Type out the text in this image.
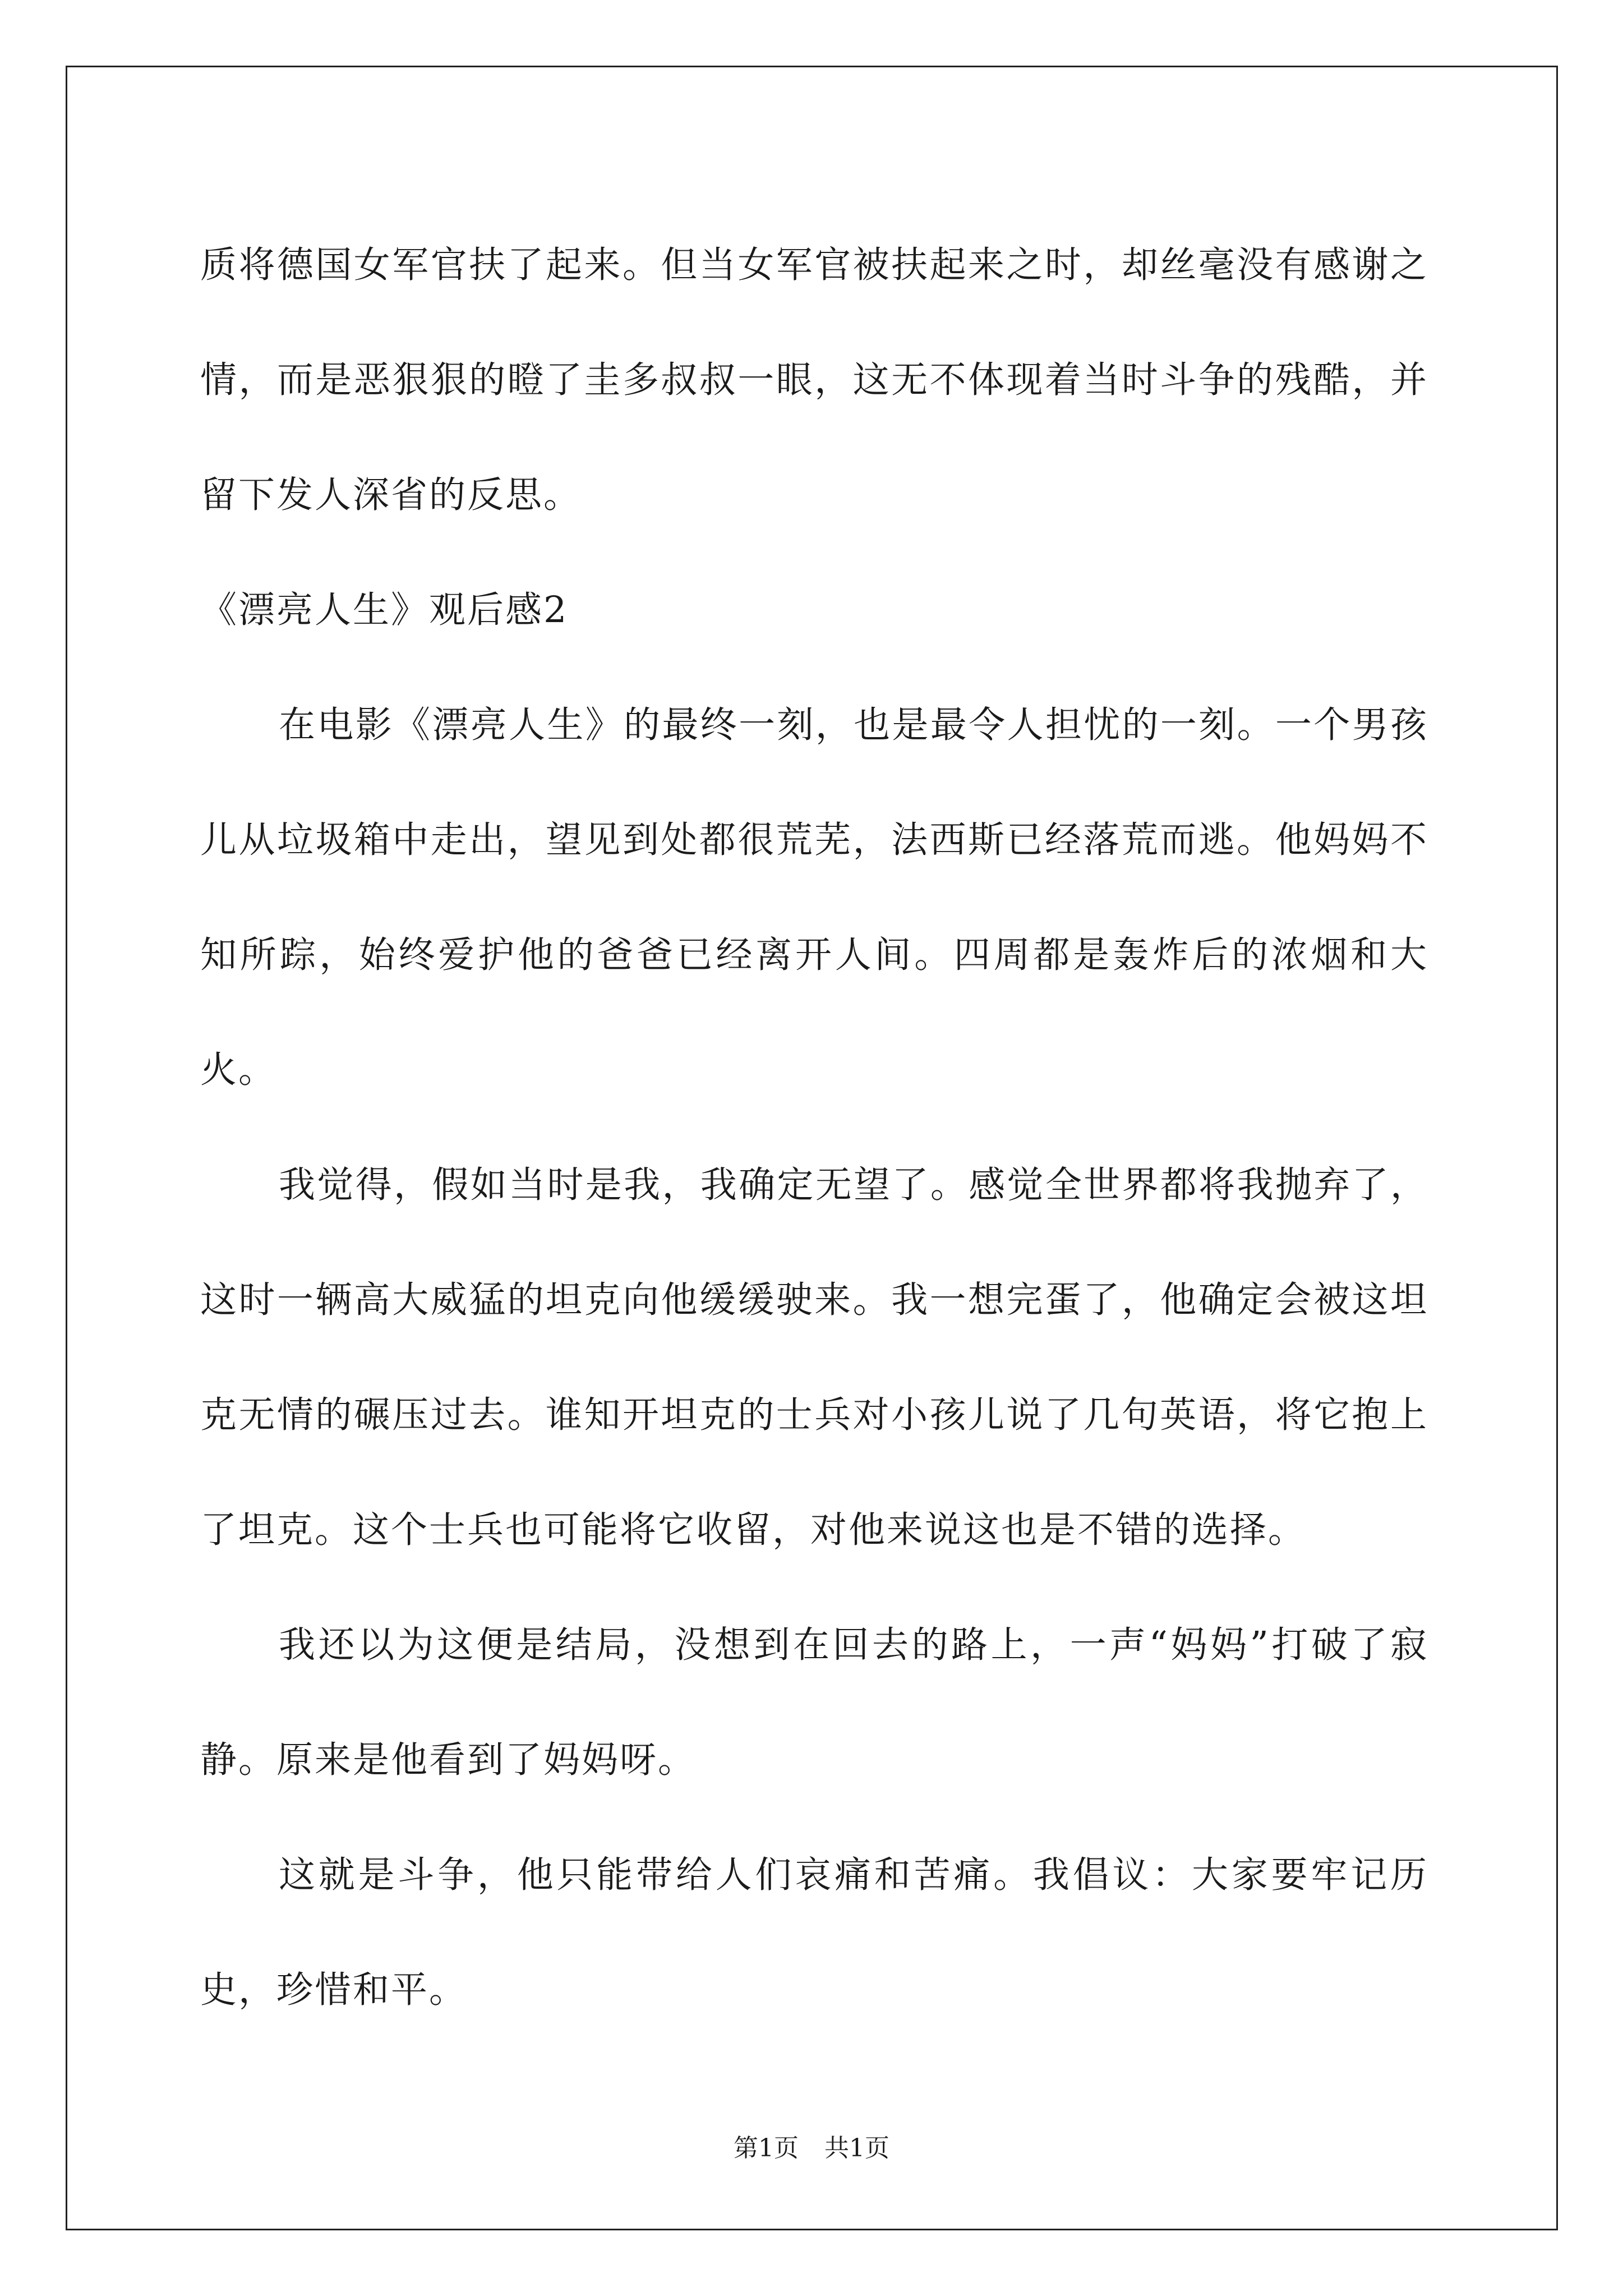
质将德国女军官扶了起来。但当女军官被扶起来之时，却丝毫没有感谢之情，而是恶狠狠的瞪了圭多叔叔一眼，这无不体现着当时斗争的残酷，并留下发人深省的反思。

《漂亮人生》观后感2

在电影《漂亮人生》的最终一刻，也是最令人担忧的一刻。一个男孩儿从垃圾箱中走出，望见到处都很荒芜，法西斯已经落荒而逃。他妈妈不知所踪，始终爱护他的爸爸已经离开人间。四周都是轰炸后的浓烟和大火。

我觉得，假如当时是我，我确定无望了。感觉全世界都将我抛弃了，这时一辆高大威猛的坦克向他缓缓驶来。我一想完蛋了，他确定会被这坦克无情的碾压过去。谁知开坦克的士兵对小孩儿说了几句英语，将它抱上了坦克。这个士兵也可能将它收留，对他来说这也是不错的选择。

我还以为这便是结局，没想到在回去的路上，一声“妈妈”打破了寂静。原来是他看到了妈妈呀。

这就是斗争，他只能带给人们哀痛和苦痛。我倡议：大家要牢记历史，珍惜和平。

第1页 共1页
